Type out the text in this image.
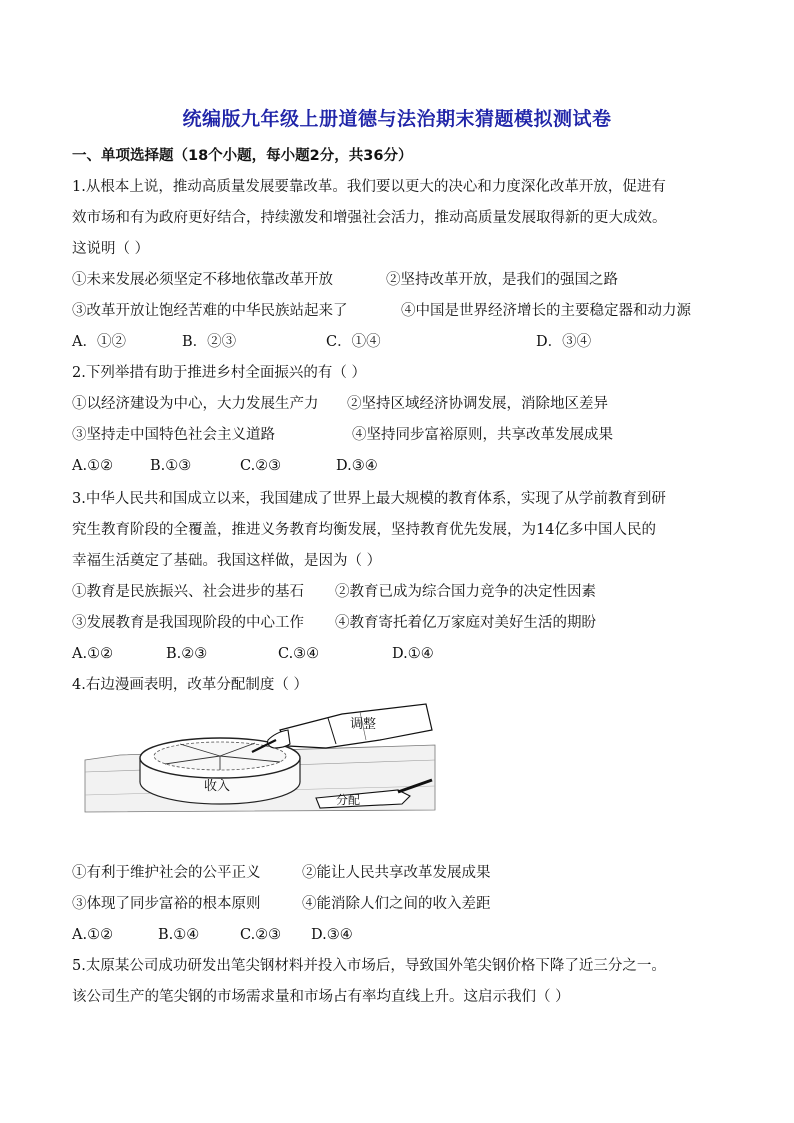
统编版九年级上册道德与法治期末猜题模拟测试卷
一、单项选择题（18个小题，每小题2分，共36分）
1.从根本上说，推动高质量发展要靠改革。我们要以更大的决心和力度深化改革开放，促进有
效市场和有为政府更好结合，持续激发和增强社会活力，推动高质量发展取得新的更大成效。
这说明（ ）
①未来发展必须坚定不移地依靠改革开放	②坚持改革开放，是我们的强国之路
③改革开放让饱经苦难的中华民族站起来了	④中国是世界经济增长的主要稳定器和动力源
A．①②	B．②③	C．①④	D．③④
2.下列举措有助于推进乡村全面振兴的有（ ）
①以经济建设为中心，大力发展生产力 ②坚持区域经济协调发展，消除地区差异
③坚持走中国特色社会主义道路	④坚持同步富裕原则，共享改革发展成果
A.①②	B.①③	C.②③	D.③④
3.中华人民共和国成立以来，我国建成了世界上最大规模的教育体系，实现了从学前教育到研
究生教育阶段的全覆盖，推进义务教育均衡发展，坚持教育优先发展，为14亿多中国人民的
幸福生活奠定了基础。我国这样做，是因为（ ）
①教育是民族振兴、社会进步的基石 ②教育已成为综合国力竞争的决定性因素
③发展教育是我国现阶段的中心工作 ④教育寄托着亿万家庭对美好生活的期盼
A.①②	B.②③	C.③④	D.①④
4.右边漫画表明，改革分配制度（ ）
收入
调整
分配
①有利于维护社会的公平正义	②能让人民共享改革发展成果
③体现了同步富裕的根本原则	④能消除人们之间的收入差距
A.①②	B.①④	C.②③ D.③④
5.太原某公司成功研发出笔尖钢材料并投入市场后，导致国外笔尖钢价格下降了近三分之一。
该公司生产的笔尖钢的市场需求量和市场占有率均直线上升。这启示我们（ ）
